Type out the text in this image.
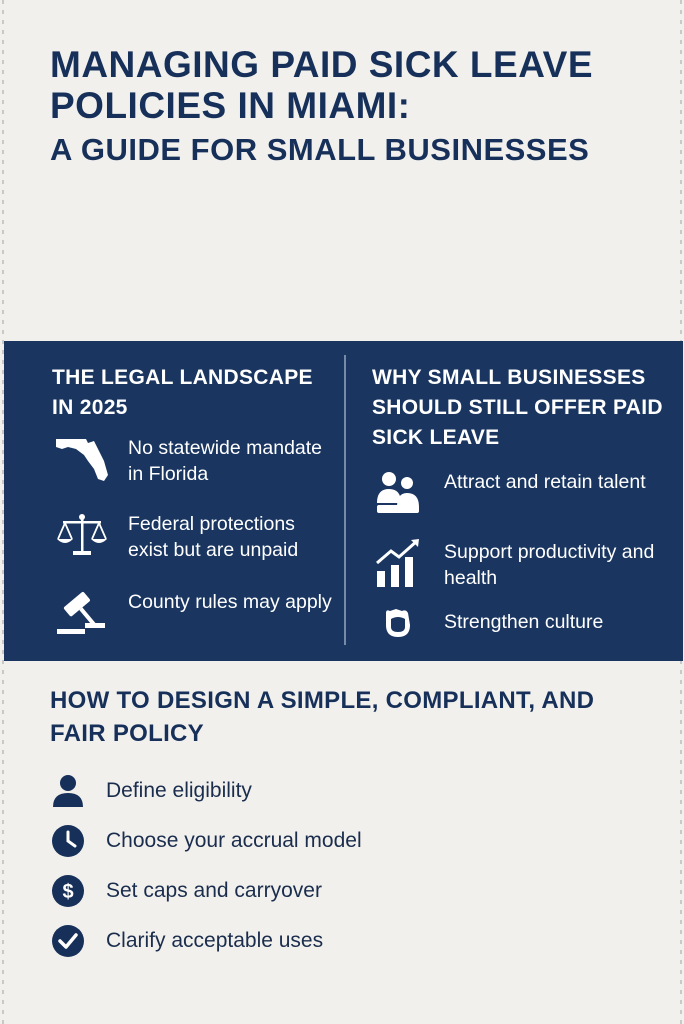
MANAGING PAID SICK LEAVE
POLICIES IN MIAMI:
A GUIDE FOR SMALL BUSINESSES
THE LEGAL LANDSCAPE IN 2025
No statewide mandate in Florida
Federal protections exist but are unpaid
County rules may apply
WHY SMALL BUSINESSES SHOULD STILL OFFER PAID SICK LEAVE
Attract and retain talent
Support productivity and health
Strengthen culture
HOW TO DESIGN A SIMPLE, COMPLIANT, AND FAIR POLICY
Define eligibility
Choose your accrual model
$ Set caps and carryover
Clarify acceptable uses
